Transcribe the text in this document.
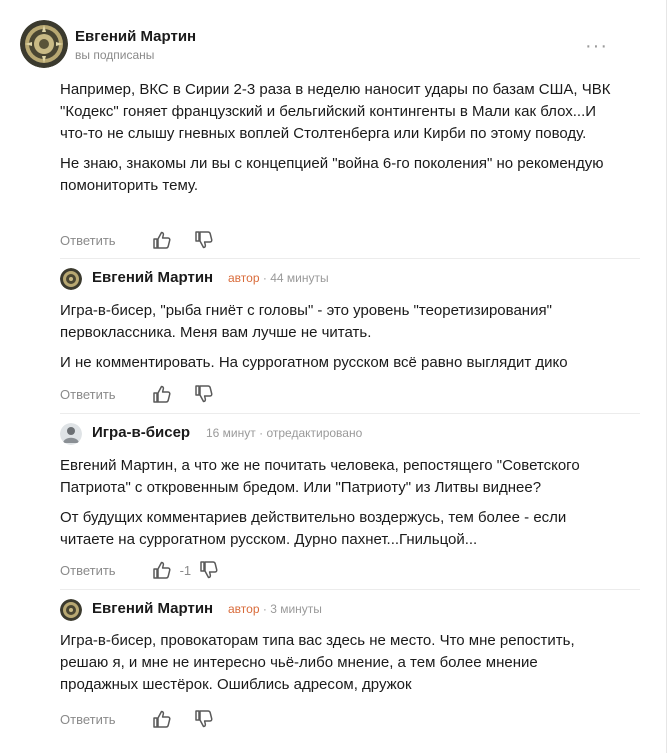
Евгений Мартин
вы подписаны	···

Например, ВКС в Сирии 2-3 раза в неделю наносит удары по базам США, ЧВК "Кодекс" гоняет французский и бельгийский контингенты в Мали как блох...И что-то не слышу гневных воплей Столтенберга или Кирби по этому поводу.

Не знаю, знакомы ли вы с концепцией "война 6-го поколения" но рекомендую помониторить тему.

Ответить
Евгений Мартин автор · 44 минуты

Игра-в-бисер, "рыба гниёт с головы" - это уровень "теоретизирования" первоклассника. Меня вам лучше не читать.

И не комментировать. На суррогатном русском всё равно выглядит дико

Ответить
Игра-в-бисер 16 минут · отредактировано

Евгений Мартин, а что же не почитать человека, репостящего "Советского Патриота" с откровенным бредом. Или "Патриоту" из Литвы виднее?

От будущих комментариев действительно воздержусь, тем более - если читаете на суррогатном русском. Дурно пахнет...Гнильцой...

Ответить	-1
Евгений Мартин автор · 3 минуты

Игра-в-бисер, провокаторам типа вас здесь не место. Что мне репостить, решаю я, и мне не интересно чьё-либо мнение, а тем более мнение продажных шестёрок. Ошиблись адресом, дружок

Ответить
